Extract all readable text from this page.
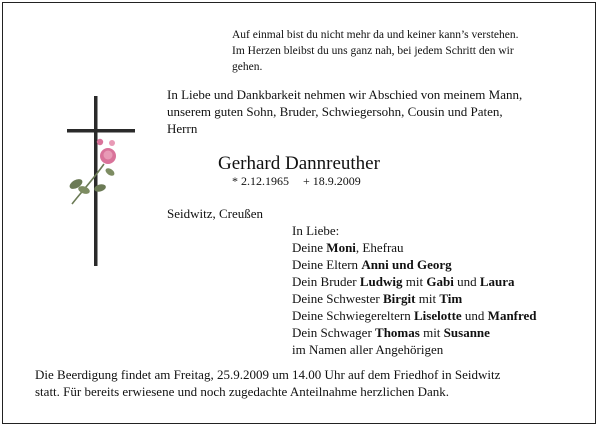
Auf einmal bist du nicht mehr da und keiner kann’s verstehen.
Im Herzen bleibst du uns ganz nah, bei jedem Schritt den wir
gehen.
In Liebe und Dankbarkeit nehmen wir Abschied von meinem Mann,
unserem guten Sohn, Bruder, Schwiegersohn, Cousin und Paten,
Herrn
Gerhard Dannreuther
* 2.12.1965 + 18.9.2009
Seidwitz, Creußen
In Liebe:
Deine Moni, Ehefrau
Deine Eltern Anni und Georg
Dein Bruder Ludwig mit Gabi und Laura
Deine Schwester Birgit mit Tim
Deine Schwiegereltern Liselotte und Manfred
Dein Schwager Thomas mit Susanne
im Namen aller Angehörigen
Die Beerdigung findet am Freitag, 25.9.2009 um 14.00 Uhr auf dem Friedhof in Seidwitz
statt. Für bereits erwiesene und noch zugedachte Anteilnahme herzlichen Dank.
